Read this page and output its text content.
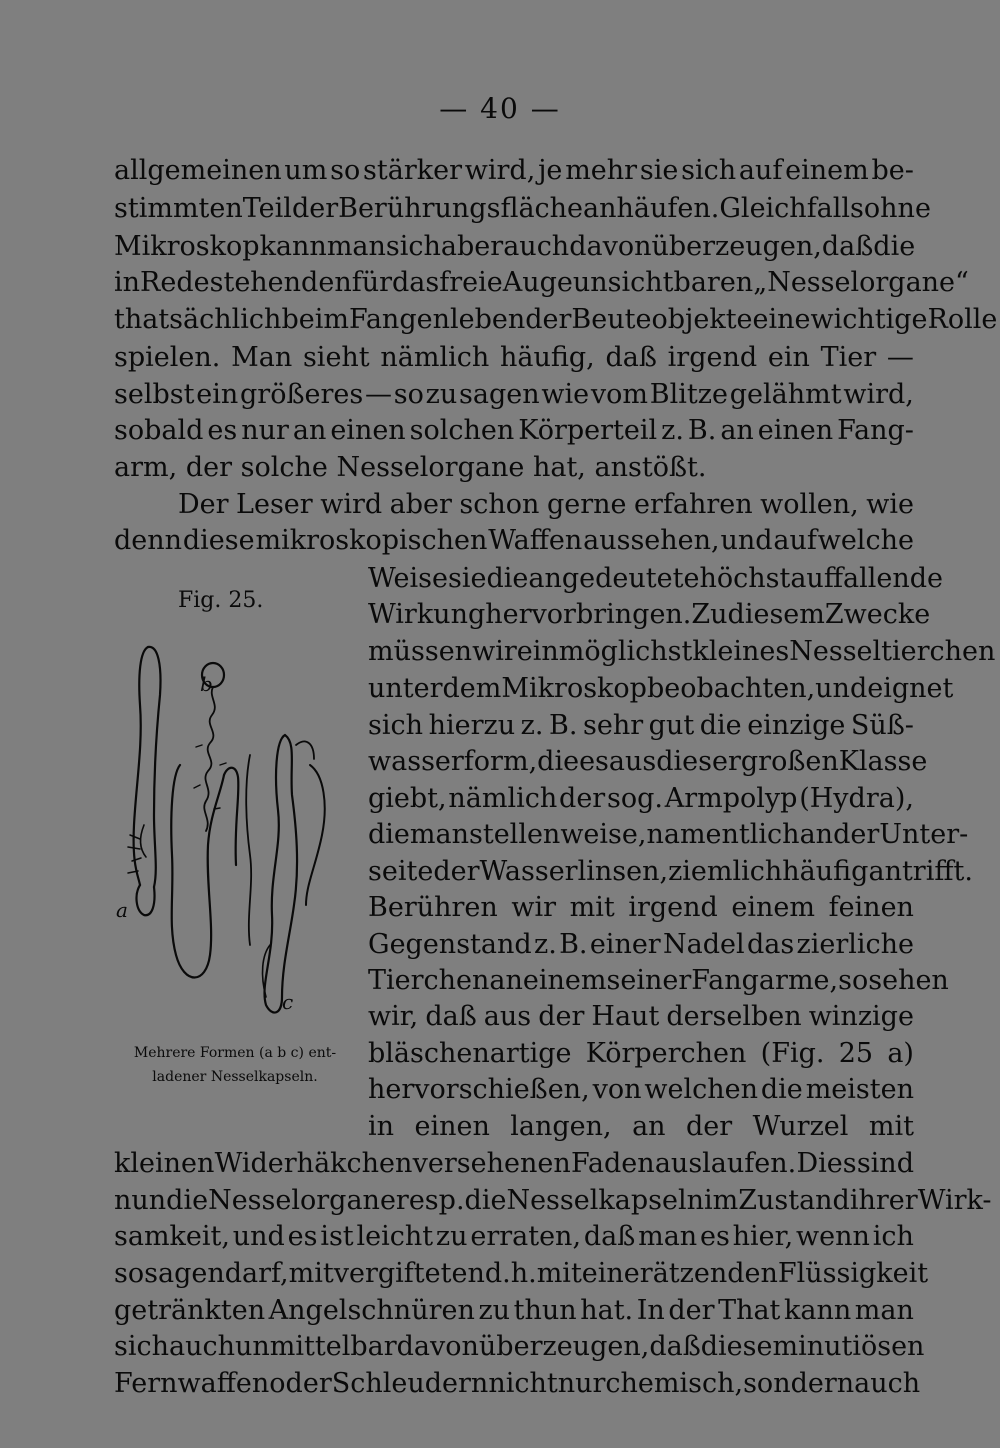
— 40 —
allgemeinen um so stärker wird, je mehr sie sich auf einem be-
stimmten Teil der Berührungsfläche anhäufen. Gleichfalls ohne
Mikroskop kann man sich aber auch davon überzeugen, daß die
in Rede stehenden für das freie Auge unsichtbaren „Nesselorgane“
thatsächlich beim Fangen lebender Beuteobjekte eine wichtige Rolle
spielen. Man sieht nämlich häufig, daß irgend ein Tier —
selbst ein größeres — so zu sagen wie vom Blitze gelähmt wird,
sobald es nur an einen solchen Körperteil z. B. an einen Fang-
arm, der solche Nesselorgane hat, anstößt.
Der Leser wird aber schon gerne erfahren wollen, wie
denn diese mikroskopischen Waffen aussehen, und auf welche
Weise sie die angedeutete höchst auffallende
Wirkung hervorbringen. Zu diesem Zwecke
müssen wir ein möglichst kleines Nesseltierchen
unter dem Mikroskop beobachten, und eignet
sich hierzu z. B. sehr gut die einzige Süß-
wasserform, die es aus dieser großen Klasse
giebt, nämlich der sog. Armpolyp (Hydra),
die man stellenweise, namentlich an der Unter-
seite der Wasserlinsen, ziemlich häufig antrifft.
Berühren wir mit irgend einem feinen
Gegenstand z. B. einer Nadel das zierliche
Tierchen an einem seiner Fangarme, so sehen
wir, daß aus der Haut derselben winzige
bläschenartige Körperchen (Fig. 25 a)
hervorschießen, von welchen die meisten
in einen langen, an der Wurzel mit
kleinen Widerhäkchen versehenen Faden auslaufen. Dies sind
nun die Nesselorgane resp. die Nesselkapseln im Zustand ihrer Wirk-
samkeit, und es ist leicht zu erraten, daß man es hier, wenn ich
so sagen darf, mit vergifteten d. h. mit einer ätzenden Flüssigkeit
getränkten Angelschnüren zu thun hat. In der That kann man
sich auch unmittelbar davon überzeugen, daß diese minutiösen
Fernwaffen oder Schleudern nicht nur chemisch, sondern auch
Fig. 25.
b
a
c
Mehrere Formen (a b c) ent-
ladener Nesselkapseln.
